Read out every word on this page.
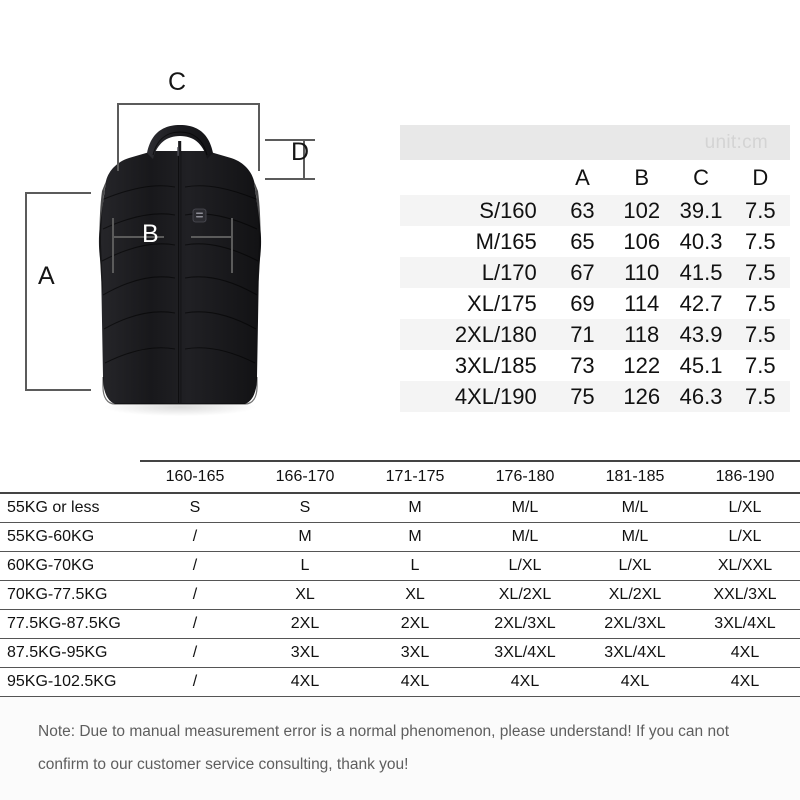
A
B
C
D	unit:cm
	A	B	C	D
S/160	63	102	39.1	7.5
M/165	65	106	40.3	7.5
L/170	67	110	41.5	7.5
XL/175	69	114	42.7	7.5
2XL/180	71	118	43.9	7.5
3XL/185	73	122	45.1	7.5
4XL/190	75	126	46.3	7.5
	160-165	166-170	171-175	176-180	181-185	186-190
55KG or less	S	S	M	M/L	M/L	L/XL
55KG-60KG	/	M	M	M/L	M/L	L/XL
60KG-70KG	/	L	L	L/XL	L/XL	XL/XXL
70KG-77.5KG	/	XL	XL	XL/2XL	XL/2XL	XXL/3XL
77.5KG-87.5KG	/	2XL	2XL	2XL/3XL	2XL/3XL	3XL/4XL
87.5KG-95KG	/	3XL	3XL	3XL/4XL	3XL/4XL	4XL
95KG-102.5KG	/	4XL	4XL	4XL	4XL	4XL

Note: Due to manual measurement error is a normal phenomenon, please understand! If you can not confirm to our customer service consulting, thank you!
